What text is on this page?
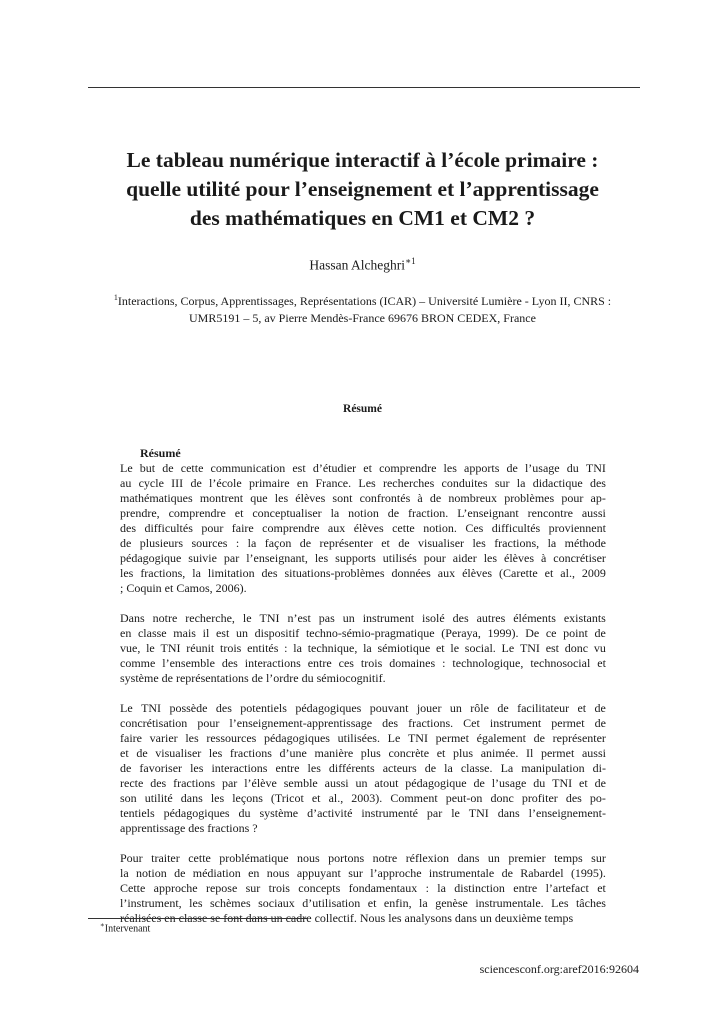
Le tableau numérique interactif à l’école primaire :
quelle utilité pour l’enseignement et l’apprentissage
des mathématiques en CM1 et CM2 ?
Hassan Alcheghri$^{∗1}$
$^1$Interactions, Corpus, Apprentissages, Représentations (ICAR) – Université Lumière - Lyon II, CNRS :
UMR5191 – 5, av Pierre Mendès-France 69676 BRON CEDEX, France
Résumé
Résumé
Le but de cette communication est d’étudier et comprendre les apports de l’usage du TNI
au cycle III de l’école primaire en France. Les recherches conduites sur la didactique des
mathématiques montrent que les élèves sont confrontés à de nombreux problèmes pour ap-
prendre, comprendre et conceptualiser la notion de fraction. L’enseignant rencontre aussi
des difficultés pour faire comprendre aux élèves cette notion. Ces difficultés proviennent
de plusieurs sources : la façon de représenter et de visualiser les fractions, la méthode
pédagogique suivie par l’enseignant, les supports utilisés pour aider les élèves à concrétiser
les fractions, la limitation des situations-problèmes données aux élèves (Carette et al., 2009
; Coquin et Camos, 2006).
Dans notre recherche, le TNI n’est pas un instrument isolé des autres éléments existants
en classe mais il est un dispositif techno-sémio-pragmatique (Peraya, 1999). De ce point de
vue, le TNI réunit trois entités : la technique, la sémiotique et le social. Le TNI est donc vu
comme l’ensemble des interactions entre ces trois domaines : technologique, technosocial et
système de représentations de l’ordre du sémiocognitif.
Le TNI possède des potentiels pédagogiques pouvant jouer un rôle de facilitateur et de
concrétisation pour l’enseignement-apprentissage des fractions. Cet instrument permet de
faire varier les ressources pédagogiques utilisées. Le TNI permet également de représenter
et de visualiser les fractions d’une manière plus concrète et plus animée. Il permet aussi
de favoriser les interactions entre les différents acteurs de la classe. La manipulation di-
recte des fractions par l’élève semble aussi un atout pédagogique de l’usage du TNI et de
son utilité dans les leçons (Tricot et al., 2003). Comment peut-on donc profiter des po-
tentiels pédagogiques du système d’activité instrumenté par le TNI dans l’enseignement-
apprentissage des fractions ?
Pour traiter cette problématique nous portons notre réflexion dans un premier temps sur
la notion de médiation en nous appuyant sur l’approche instrumentale de Rabardel (1995).
Cette approche repose sur trois concepts fondamentaux : la distinction entre l’artefact et
l’instrument, les schèmes sociaux d’utilisation et enfin, la genèse instrumentale. Les tâches
réalisées en classe se font dans un cadre collectif. Nous les analysons dans un deuxième temps
∗Intervenant
sciencesconf.org:aref2016:92604
